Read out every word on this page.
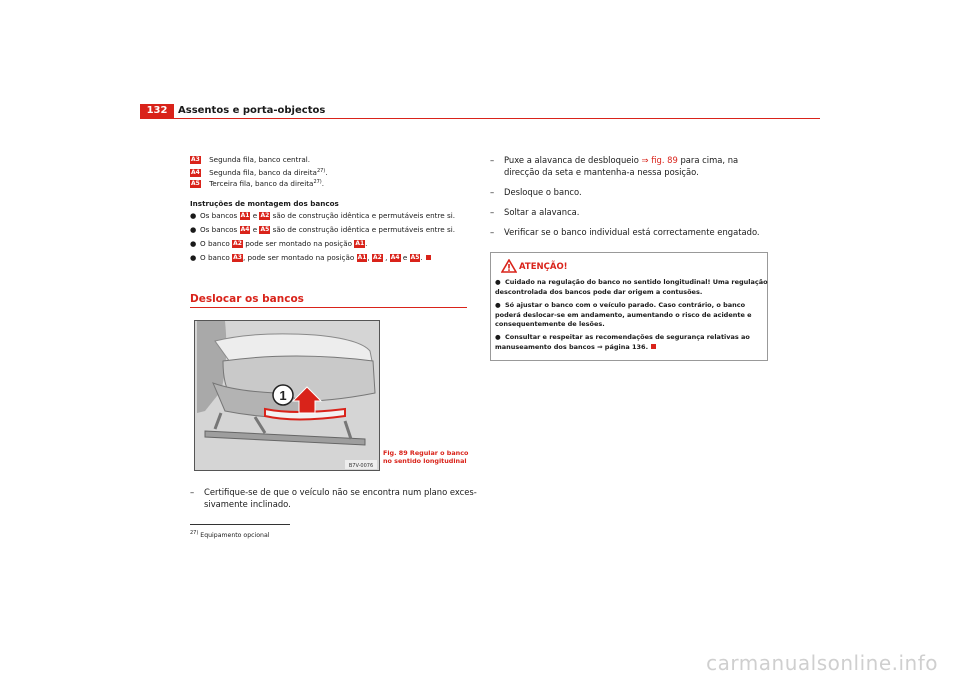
132	Assentos e porta-objectos
A3 Segunda fila, banco central.
A4 Segunda fila, banco da direita$^{27)}$.
A5 Terceira fila, banco da direita$^{27)}$.
Instruções de montagem dos bancos
● Os bancos A1 e A2 são de construção idêntica e permutáveis entre si.
● Os bancos A4 e A5 são de construção idêntica e permutáveis entre si.
● O banco A2 pode ser montado na posição A1.
● O banco A3, pode ser montado na posição A1, A2 , A4 e A5.
Deslocar os bancos
1
B7V-0076
Fig. 89 Regular o banco
no sentido longitudinal
– Certifique-se de que o veículo não se encontra num plano exces-
sivamente inclinado.
$^{27)}$ Equipamento opcional
– Puxe a alavanca de desbloqueio ⇒ fig. 89 para cima, na
direcção da seta e mantenha-a nessa posição.
– Desloque o banco.
– Soltar a alavanca.
– Verificar se o banco individual está correctamente engatado.
ATENÇÃO!
● Cuidado na regulação do banco no sentido longitudinal! Uma regulação
descontrolada dos bancos pode dar origem a contusões.
● Só ajustar o banco com o veículo parado. Caso contrário, o banco
poderá deslocar-se em andamento, aumentando o risco de acidente e
consequentemente de lesões.
● Consultar e respeitar as recomendações de segurança relativas ao
manuseamento dos bancos ⇒ página 136.
carmanualsonline.info
